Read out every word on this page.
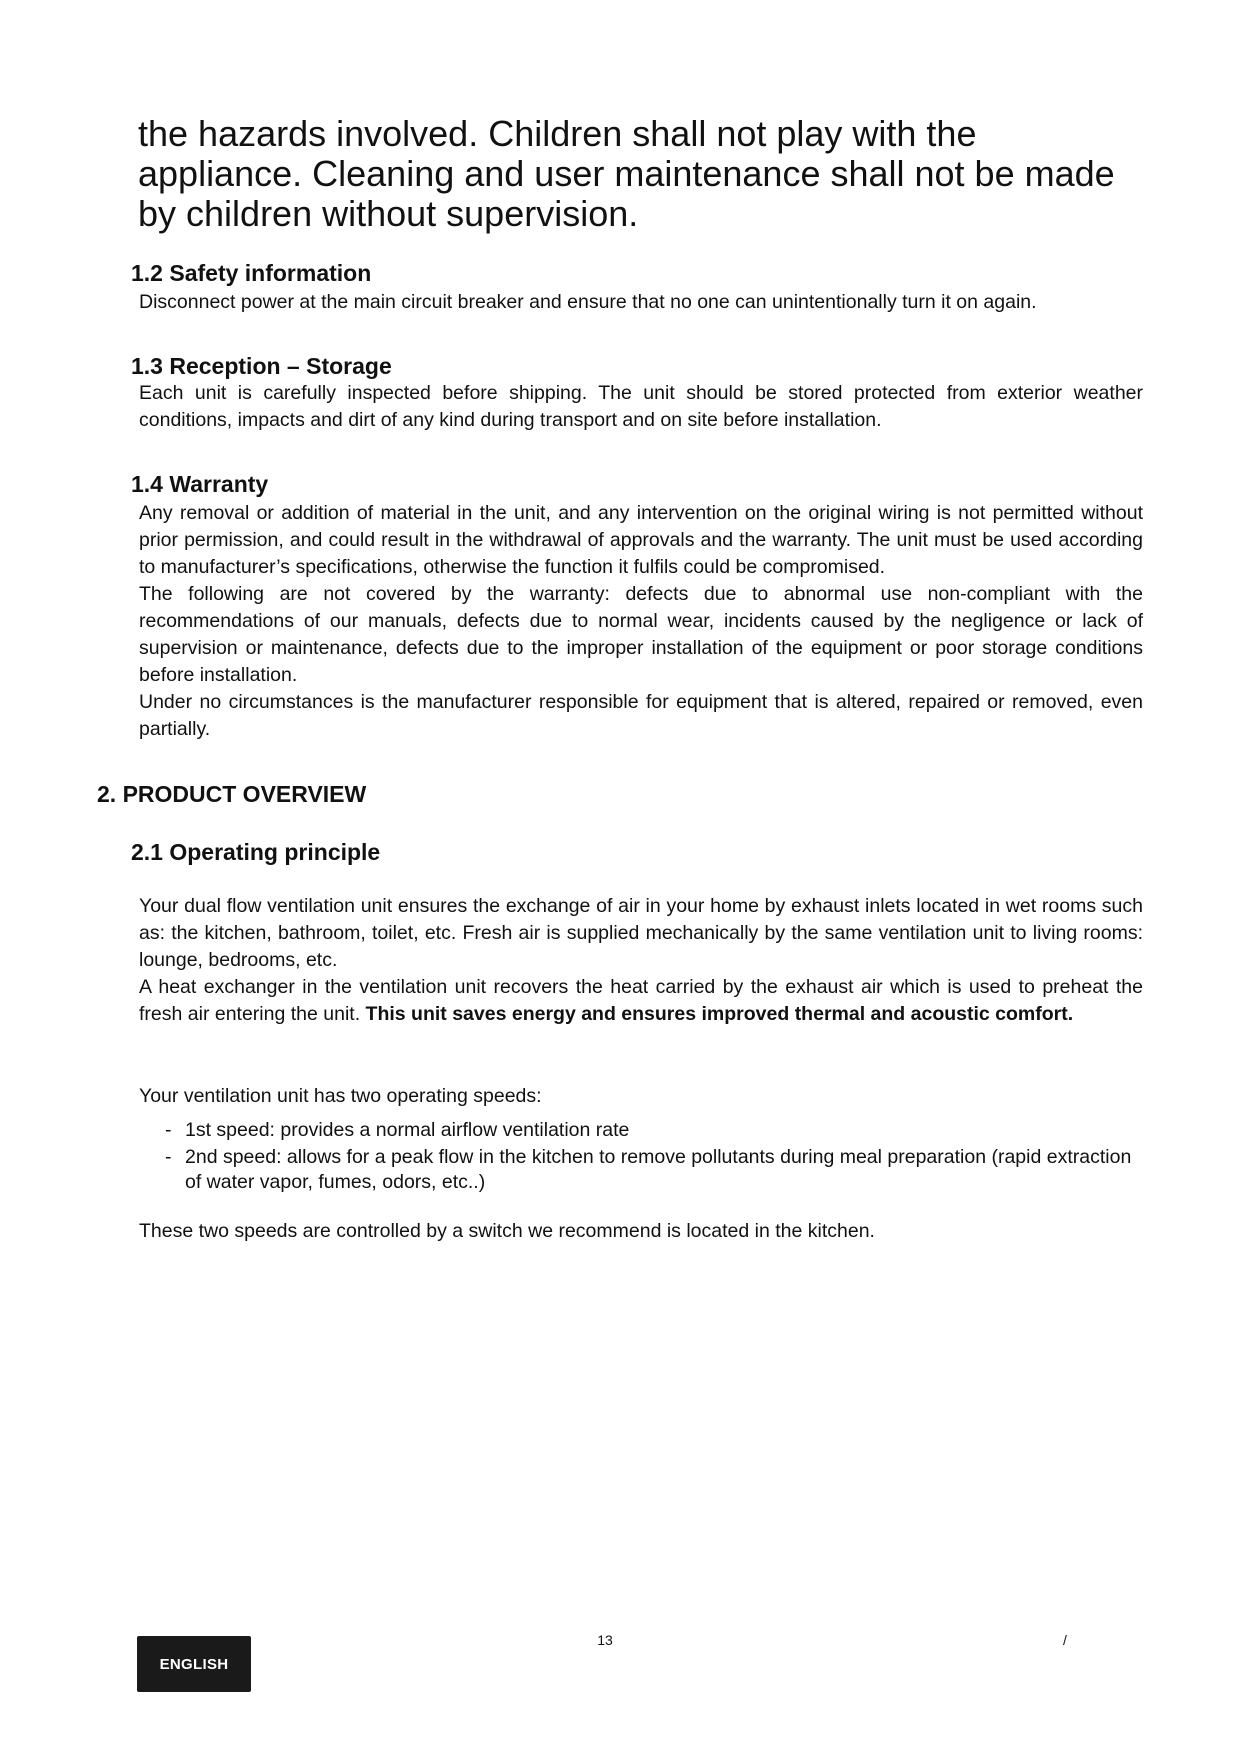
the hazards involved. Children shall not play with the appliance. Cleaning and user maintenance shall not be made by children without supervision.

1.2 Safety information

Disconnect power at the main circuit breaker and ensure that no one can unintentionally turn it on again.

1.3 Reception – Storage

Each unit is carefully inspected before shipping. The unit should be stored protected from exterior weather conditions, impacts and dirt of any kind during transport and on site before installation.

1.4 Warranty

Any removal or addition of material in the unit, and any intervention on the original wiring is not permitted without prior permission, and could result in the withdrawal of approvals and the warranty. The unit must be used according to manufacturer’s specifications, otherwise the function it fulfils could be compromised.

The following are not covered by the warranty: defects due to abnormal use non-compliant with the recommendations of our manuals, defects due to normal wear, incidents caused by the negligence or lack of supervision or maintenance, defects due to the improper installation of the equipment or poor storage conditions before installation.

Under no circumstances is the manufacturer responsible for equipment that is altered, repaired or removed, even partially.

2. PRODUCT OVERVIEW
2.1 Operating principle

Your dual flow ventilation unit ensures the exchange of air in your home by exhaust inlets located in wet rooms such as: the kitchen, bathroom, toilet, etc. Fresh air is supplied mechanically by the same ventilation unit to living rooms: lounge, bedrooms, etc.

A heat exchanger in the ventilation unit recovers the heat carried by the exhaust air which is used to preheat the fresh air entering the unit. This unit saves energy and ensures improved thermal and acoustic comfort.

Your ventilation unit has two operating speeds:

- 1st speed: provides a normal airflow ventilation rate
- 2nd speed: allows for a peak flow in the kitchen to remove pollutants during meal preparation (rapid extraction of water vapor, fumes, odors, etc..)

These two speeds are controlled by a switch we recommend is located in the kitchen.

ENGLISH
13	/
